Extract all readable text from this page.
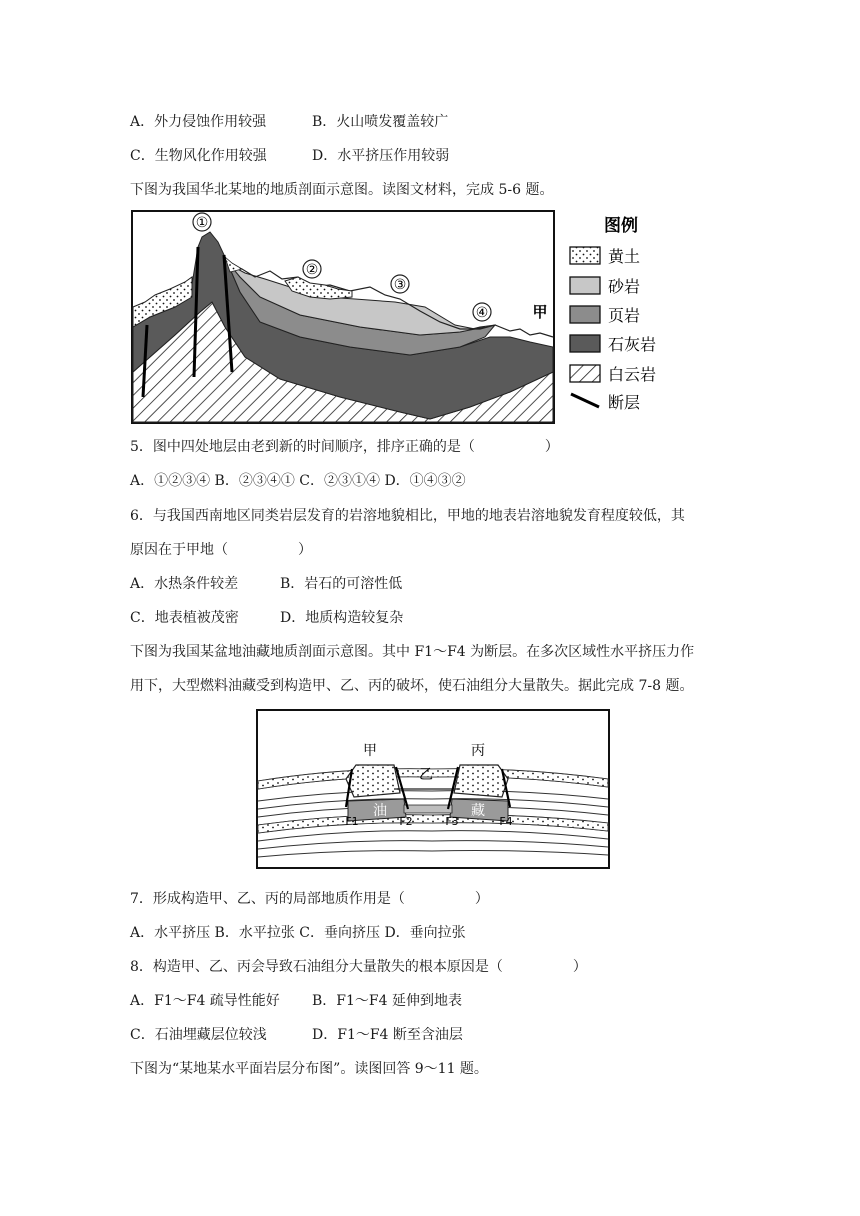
A．外力侵蚀作用较强	B．火山喷发覆盖较广
C．生物风化作用较强	D．水平挤压作用较弱
下图为我国华北某地的地质剖面示意图。读图文材料，完成 5-6 题。
①
②
③
④	甲
图例
黄土
砂岩
页岩
石灰岩
白云岩
断层
5．图中四处地层由老到新的时间顺序，排序正确的是（　　　　　）
A．①②③④ B．②③④① C．②③①④ D．①④③②
6．与我国西南地区同类岩层发育的岩溶地貌相比，甲地的地表岩溶地貌发育程度较低，其
原因在于甲地（　　　　　）
A．水热条件较差	B．岩石的可溶性低
C．地表植被茂密	D．地质构造较复杂
下图为我国某盆地油藏地质剖面示意图。其中 F1～F4 为断层。在多次区域性水平挤压力作
用下，大型燃料油藏受到构造甲、乙、丙的破坏，使石油组分大量散失。据此完成 7-8 题。
甲
乙
丙
油	藏
F1	F2	F3	F4
7．形成构造甲、乙、丙的局部地质作用是（　　　　　）
A．水平挤压 B．水平拉张 C．垂向挤压 D．垂向拉张
8．构造甲、乙、丙会导致石油组分大量散失的根本原因是（　　　　　）
A．F1～F4 疏导性能好 B．F1～F4 延伸到地表
C．石油埋藏层位较浅	D．F1～F4 断至含油层
下图为“某地某水平面岩层分布图”。读图回答 9～11 题。
